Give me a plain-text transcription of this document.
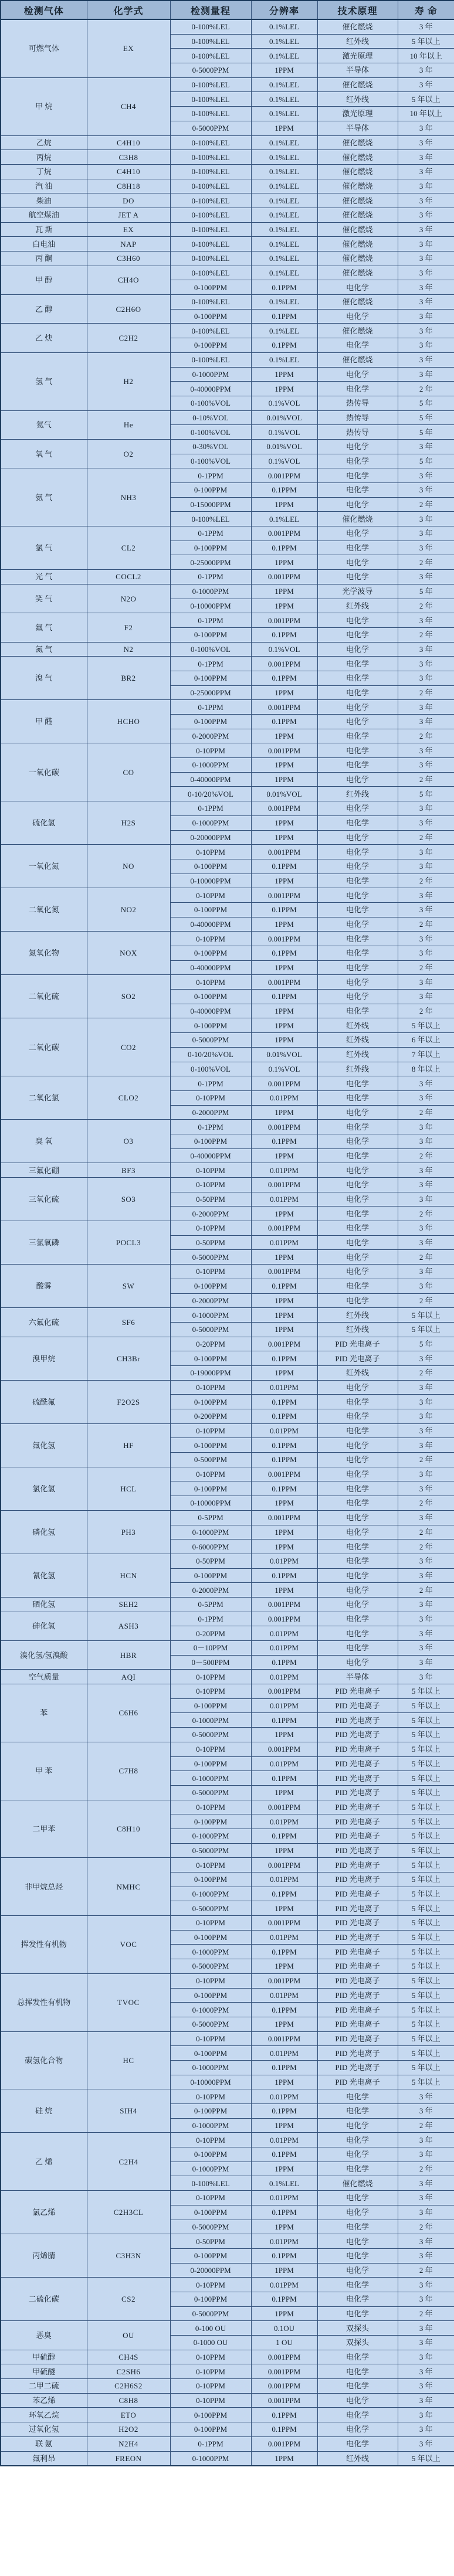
检测气体	化学式	检测量程	分辨率	技术原理	寿 命
可燃气体	EX	0-100%LEL	0.1%LEL	催化燃烧	3 年
		0-100%LEL	0.1%LEL	红外线	5 年以上
		0-100%LEL	0.1%LEL	激光原理	10 年以上
		0-5000PPM	1PPM	半导体	3 年
甲 烷	CH4	0-100%LEL	0.1%LEL	催化燃烧	3 年
		0-100%LEL	0.1%LEL	红外线	5 年以上
		0-100%LEL	0.1%LEL	激光原理	10 年以上
		0-5000PPM	1PPM	半导体	3 年
乙烷	C4H10	0-100%LEL	0.1%LEL	催化燃烧	3 年
丙烷	C3H8	0-100%LEL	0.1%LEL	催化燃烧	3 年
丁烷	C4H10	0-100%LEL	0.1%LEL	催化燃烧	3 年
汽 油	C8H18	0-100%LEL	0.1%LEL	催化燃烧	3 年
柴油	DO	0-100%LEL	0.1%LEL	催化燃烧	3 年
航空煤油	JET A	0-100%LEL	0.1%LEL	催化燃烧	3 年
瓦 斯	EX	0-100%LEL	0.1%LEL	催化燃烧	3 年
白电油	NAP	0-100%LEL	0.1%LEL	催化燃烧	3 年
丙 酮	C3H60	0-100%LEL	0.1%LEL	催化燃烧	3 年
甲 醇	CH4O	0-100%LEL	0.1%LEL	催化燃烧	3 年
		0-100PPM	0.1PPM	电化学	3 年
乙 醇	C2H6O	0-100%LEL	0.1%LEL	催化燃烧	3 年
		0-100PPM	0.1PPM	电化学	3 年
乙 炔	C2H2	0-100%LEL	0.1%LEL	催化燃烧	3 年
		0-100PPM	0.1PPM	电化学	3 年
氢 气	H2	0-100%LEL	0.1%LEL	催化燃烧	3 年
		0-1000PPM	1PPM	电化学	3 年
		0-40000PPM	1PPM	电化学	2 年
		0-100%VOL	0.1%VOL	热传导	5 年
氦气	He	0-10%VOL	0.01%VOL	热传导	5 年
		0-100%VOL	0.1%VOL	热传导	5 年
氧 气	O2	0-30%VOL	0.01%VOL	电化学	3 年
		0-100%VOL	0.1%VOL	电化学	5 年
氨 气	NH3	0-1PPM	0.001PPM	电化学	3 年
		0-100PPM	0.1PPM	电化学	3 年
		0-15000PPM	1PPM	电化学	2 年
		0-100%LEL	0.1%LEL	催化燃烧	3 年
氯 气	CL2	0-1PPM	0.001PPM	电化学	3 年
		0-100PPM	0.1PPM	电化学	3 年
		0-25000PPM	1PPM	电化学	2 年
光 气	COCL2	0-1PPM	0.001PPM	电化学	3 年
笑 气	N2O	0-1000PPM	1PPM	光学波导	5 年
		0-10000PPM	1PPM	红外线	2 年
氟 气	F2	0-1PPM	0.001PPM	电化学	3 年
		0-100PPM	0.1PPM	电化学	2 年
氮 气	N2	0-100%VOL	0.1%VOL	电化学	3 年
溴 气	BR2	0-1PPM	0.001PPM	电化学	3 年
		0-100PPM	0.1PPM	电化学	3 年
		0-25000PPM	1PPM	电化学	2 年
甲 醛	HCHO	0-1PPM	0.001PPM	电化学	3 年
		0-100PPM	0.1PPM	电化学	3 年
		0-2000PPM	1PPM	电化学	2 年
一氧化碳	CO	0-10PPM	0.001PPM	电化学	3 年
		0-1000PPM	1PPM	电化学	3 年
		0-40000PPM	1PPM	电化学	2 年
		0-10/20%VOL	0.01%VOL	红外线	5 年
硫化氢	H2S	0-1PPM	0.001PPM	电化学	3 年
		0-1000PPM	1PPM	电化学	3 年
		0-20000PPM	1PPM	电化学	2 年
一氧化氮	NO	0-10PPM	0.001PPM	电化学	3 年
		0-100PPM	0.1PPM	电化学	3 年
		0-10000PPM	1PPM	电化学	2 年
二氧化氮	NO2	0-10PPM	0.001PPM	电化学	3 年
		0-100PPM	0.1PPM	电化学	3 年
		0-40000PPM	1PPM	电化学	2 年
氮氧化物	NOX	0-10PPM	0.001PPM	电化学	3 年
		0-100PPM	0.1PPM	电化学	3 年
		0-40000PPM	1PPM	电化学	2 年
二氧化硫	SO2	0-10PPM	0.001PPM	电化学	3 年
		0-100PPM	0.1PPM	电化学	3 年
		0-40000PPM	1PPM	电化学	2 年
二氧化碳	CO2	0-100PPM	1PPM	红外线	5 年以上
		0-5000PPM	1PPM	红外线	6 年以上
		0-10/20%VOL	0.01%VOL	红外线	7 年以上
		0-100%VOL	0.1%VOL	红外线	8 年以上
二氧化氯	CLO2	0-1PPM	0.001PPM	电化学	3 年
		0-10PPM	0.01PPM	电化学	3 年
		0-2000PPM	1PPM	电化学	2 年
臭 氧	O3	0-1PPM	0.001PPM	电化学	3 年
		0-100PPM	0.1PPM	电化学	3 年
		0-40000PPM	1PPM	电化学	2 年
三氟化硼	BF3	0-10PPM	0.01PPM	电化学	3 年
三氧化硫	SO3	0-10PPM	0.001PPM	电化学	3 年
		0-50PPM	0.01PPM	电化学	3 年
		0-2000PPM	1PPM	电化学	2 年
三氯氧磷	POCL3	0-10PPM	0.001PPM	电化学	3 年
		0-50PPM	0.01PPM	电化学	3 年
		0-5000PPM	1PPM	电化学	2 年
酸雾	SW	0-10PPM	0.001PPM	电化学	3 年
		0-100PPM	0.1PPM	电化学	3 年
		0-2000PPM	1PPM	电化学	2 年
六氟化硫	SF6	0-1000PPM	1PPM	红外线	5 年以上
		0-5000PPM	1PPM	红外线	5 年以上
溴甲烷	CH3Br	0-20PPM	0.001PPM	PID 光电离子	5 年
		0-100PPM	0.1PPM	PID 光电离子	3 年
		0-19000PPM	1PPM	红外线	2 年
硫酰氟	F2O2S	0-10PPM	0.01PPM	电化学	3 年
		0-100PPM	0.1PPM	电化学	3 年
		0-200PPM	0.1PPM	电化学	3 年
氟化氢	HF	0-10PPM	0.01PPM	电化学	3 年
		0-100PPM	0.1PPM	电化学	3 年
		0-500PPM	0.1PPM	电化学	2 年
氯化氢	HCL	0-10PPM	0.001PPM	电化学	3 年
		0-100PPM	0.1PPM	电化学	3 年
		0-10000PPM	1PPM	电化学	2 年
磷化氢	PH3	0-5PPM	0.001PPM	电化学	3 年
		0-1000PPM	1PPM	电化学	2 年
		0-6000PPM	1PPM	电化学	2 年
氰化氢	HCN	0-50PPM	0.01PPM	电化学	3 年
		0-100PPM	0.1PPM	电化学	3 年
		0-2000PPM	1PPM	电化学	2 年
硒化氢	SEH2	0-5PPM	0.001PPM	电化学	3 年
砷化氢	ASH3	0-1PPM	0.001PPM	电化学	3 年
		0-20PPM	0.01PPM	电化学	3 年
溴化氢/氢溴酸	HBR	0－10PPM	0.01PPM	电化学	3 年
		0－500PPM	0.1PPM	电化学	3 年
空气质量	AQI	0-10PPM	0.01PPM	半导体	3 年
苯	C6H6	0-10PPM	0.001PPM	PID 光电离子	5 年以上
		0-100PPM	0.01PPM	PID 光电离子	5 年以上
		0-1000PPM	0.1PPM	PID 光电离子	5 年以上
		0-5000PPM	1PPM	PID 光电离子	5 年以上
甲 苯	C7H8	0-10PPM	0.001PPM	PID 光电离子	5 年以上
		0-100PPM	0.01PPM	PID 光电离子	5 年以上
		0-1000PPM	0.1PPM	PID 光电离子	5 年以上
		0-5000PPM	1PPM	PID 光电离子	5 年以上
二甲苯	C8H10	0-10PPM	0.001PPM	PID 光电离子	5 年以上
		0-100PPM	0.01PPM	PID 光电离子	5 年以上
		0-1000PPM	0.1PPM	PID 光电离子	5 年以上
		0-5000PPM	1PPM	PID 光电离子	5 年以上
非甲烷总烃	NMHC	0-10PPM	0.001PPM	PID 光电离子	5 年以上
		0-100PPM	0.01PPM	PID 光电离子	5 年以上
		0-1000PPM	0.1PPM	PID 光电离子	5 年以上
		0-5000PPM	1PPM	PID 光电离子	5 年以上
挥发性有机物	VOC	0-10PPM	0.001PPM	PID 光电离子	5 年以上
		0-100PPM	0.01PPM	PID 光电离子	5 年以上
		0-1000PPM	0.1PPM	PID 光电离子	5 年以上
		0-5000PPM	1PPM	PID 光电离子	5 年以上
总挥发性有机物	TVOC	0-10PPM	0.001PPM	PID 光电离子	5 年以上
		0-100PPM	0.01PPM	PID 光电离子	5 年以上
		0-1000PPM	0.1PPM	PID 光电离子	5 年以上
		0-5000PPM	1PPM	PID 光电离子	5 年以上
碳氢化合物	HC	0-10PPM	0.001PPM	PID 光电离子	5 年以上
		0-100PPM	0.01PPM	PID 光电离子	5 年以上
		0-1000PPM	0.1PPM	PID 光电离子	5 年以上
		0-10000PPM	1PPM	PID 光电离子	5 年以上
硅 烷	SIH4	0-10PPM	0.01PPM	电化学	3 年
		0-100PPM	0.1PPM	电化学	3 年
		0-1000PPM	1PPM	电化学	2 年
乙 烯	C2H4	0-10PPM	0.01PPM	电化学	3 年
		0-100PPM	0.1PPM	电化学	3 年
		0-1000PPM	1PPM	电化学	2 年
		0-100%LEL	0.1%LEL	催化燃烧	3 年
氯乙烯	C2H3CL	0-10PPM	0.01PPM	电化学	3 年
		0-100PPM	0.1PPM	电化学	3 年
		0-5000PPM	1PPM	电化学	2 年
丙烯腈	C3H3N	0-50PPM	0.01PPM	电化学	3 年
		0-100PPM	0.1PPM	电化学	3 年
		0-20000PPM	1PPM	电化学	2 年
二硫化碳	CS2	0-10PPM	0.01PPM	电化学	3 年
		0-100PPM	0.1PPM	电化学	3 年
		0-5000PPM	1PPM	电化学	2 年
恶臭	OU	0-100 OU	0.1OU	双探头	3 年
		0-1000 OU	1 OU	双探头	3 年
甲硫醇	CH4S	0-10PPM	0.001PPM	电化学	3 年
甲硫醚	C2SH6	0-10PPM	0.001PPM	电化学	3 年
二甲二硫	C2H6S2	0-10PPM	0.001PPM	电化学	3 年
苯乙烯	C8H8	0-10PPM	0.001PPM	电化学	3 年
环氧乙烷	ETO	0-100PPM	0.1PPM	电化学	3 年
过氧化氢	H2O2	0-100PPM	0.1PPM	电化学	3 年
联 氨	N2H4	0-1PPM	0.001PPM	电化学	3 年
氟利昂	FREON	0-1000PPM	1PPM	红外线	5 年以上
